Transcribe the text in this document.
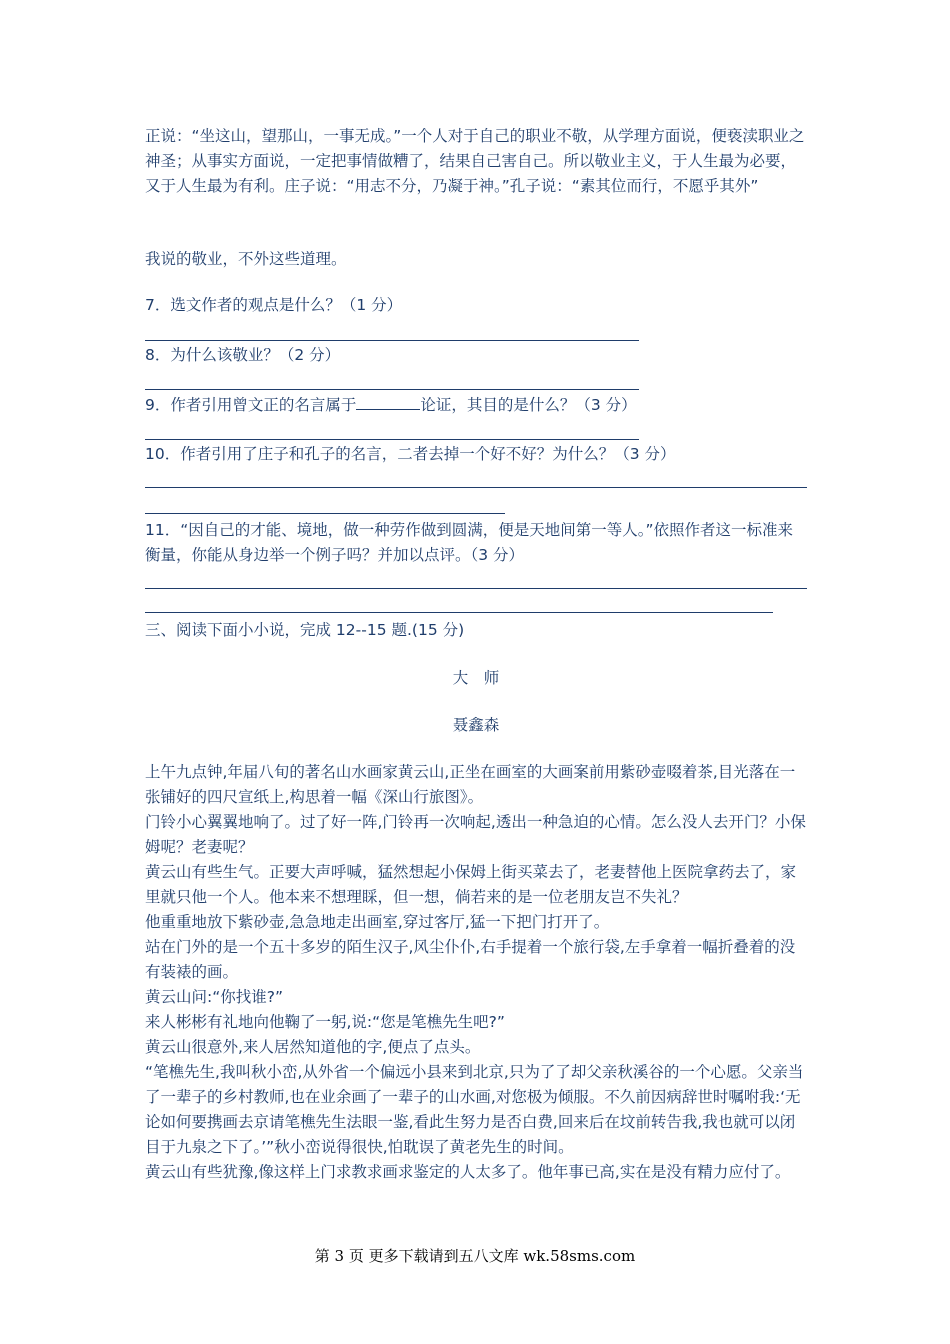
正说：“坐这山，望那山，一事无成。”一个人对于自己的职业不敬，从学理方面说，便亵渎职业之神圣；从事实方面说，一定把事情做糟了，结果自己害自己。所以敬业主义，于人生最为必要，又于人生最为有利。庄子说：“用志不分，乃凝于神。”孔子说：“素其位而行，不愿乎其外”

我说的敬业，不外这些道理。

7．选文作者的观点是什么？（1 分）

8．为什么该敬业？（2 分）

9．作者引用曾文正的名言属于	论证，其目的是什么？（3 分）

10．作者引用了庄子和孔子的名言，二者去掉一个好不好？为什么？（3 分）

11．“因自己的才能、境地，做一种劳作做到圆满，便是天地间第一等人。”依照作者这一标准来衡量，你能从身边举一个例子吗？并加以点评。（3 分）

三、阅读下面小小说，完成 12--15 题.(15 分)

大　师

聂鑫森

上午九点钟,年届八旬的著名山水画家黄云山,正坐在画室的大画案前用紫砂壶啜着茶,目光落在一张铺好的四尺宣纸上,构思着一幅《深山行旅图》。

门铃小心翼翼地响了。过了好一阵,门铃再一次响起,透出一种急迫的心情。怎么没人去开门？小保姆呢？老妻呢？

黄云山有些生气。正要大声呼喊，猛然想起小保姆上街买菜去了，老妻替他上医院拿药去了，家里就只他一个人。他本来不想理睬，但一想，倘若来的是一位老朋友岂不失礼？

他重重地放下紫砂壶,急急地走出画室,穿过客厅,猛一下把门打开了。

站在门外的是一个五十多岁的陌生汉子,风尘仆仆,右手提着一个旅行袋,左手拿着一幅折叠着的没有装裱的画。

黄云山问:“你找谁?”

来人彬彬有礼地向他鞠了一躬,说:“您是笔樵先生吧?”

黄云山很意外,来人居然知道他的字,便点了点头。

“笔樵先生,我叫秋小峦,从外省一个偏远小县来到北京,只为了了却父亲秋溪谷的一个心愿。父亲当了一辈子的乡村教师,也在业余画了一辈子的山水画,对您极为倾服。不久前因病辞世时嘱咐我:‘无论如何要携画去京请笔樵先生法眼一鉴,看此生努力是否白费,回来后在坟前转告我,我也就可以闭目于九泉之下了。’”秋小峦说得很快,怕耽误了黄老先生的时间。

黄云山有些犹豫,像这样上门求教求画求鉴定的人太多了。他年事已高,实在是没有精力应付了。

第 3 页 更多下载请到五八文库 wk.58sms.com
